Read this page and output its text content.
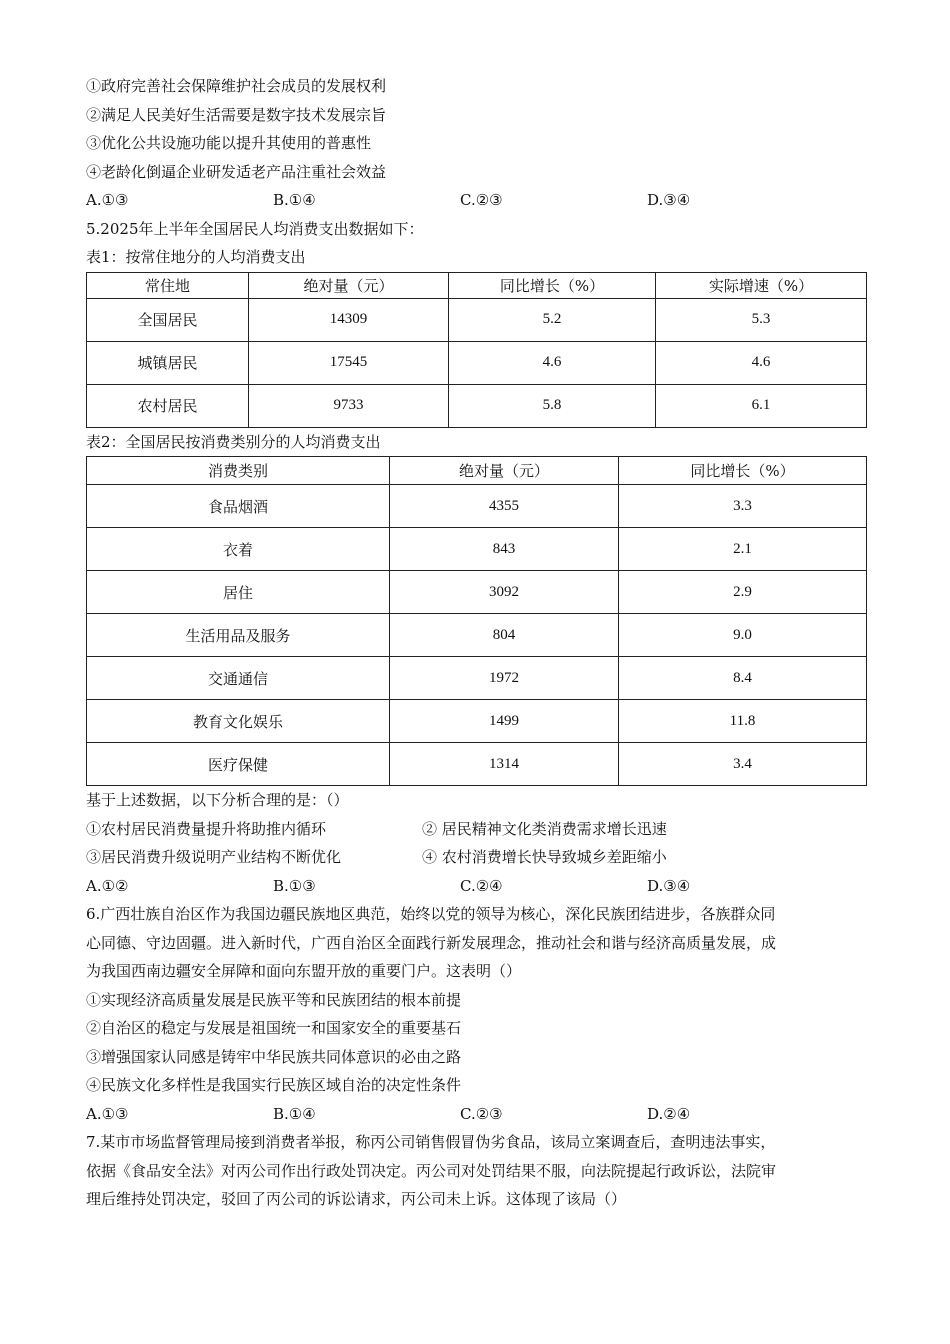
①政府完善社会保障维护社会成员的发展权利
②满足人民美好生活需要是数字技术发展宗旨
③优化公共设施功能以提升其使用的普惠性
④老龄化倒逼企业研发适老产品注重社会效益
A.①③	B.①④	C.②③	D.③④
5.2025年上半年全国居民人均消费支出数据如下：
表1：按常住地分的人均消费支出
常住地	绝对量（元）	同比增长（%）	实际增速（%）
全国居民	14309	5.2	5.3
城镇居民	17545	4.6	4.6
农村居民	9733	5.8	6.1
表2：全国居民按消费类别分的人均消费支出
消费类别	绝对量（元）	同比增长（%）
食品烟酒	4355	3.3
衣着	843	2.1
居住	3092	2.9
生活用品及服务	804	9.0
交通通信	1972	8.4
教育文化娱乐	1499	11.8
医疗保健	1314	3.4
基于上述数据，以下分析合理的是：（）
①农村居民消费量提升将助推内循环	② 居民精神文化类消费需求增长迅速
③居民消费升级说明产业结构不断优化	④ 农村消费增长快导致城乡差距缩小
A.①②	B.①③	C.②④	D.③④
6.广西壮族自治区作为我国边疆民族地区典范，始终以党的领导为核心，深化民族团结进步，各族群众同
心同德、守边固疆。进入新时代，广西自治区全面践行新发展理念，推动社会和谐与经济高质量发展，成
为我国西南边疆安全屏障和面向东盟开放的重要门户。这表明（）
①实现经济高质量发展是民族平等和民族团结的根本前提
②自治区的稳定与发展是祖国统一和国家安全的重要基石
③增强国家认同感是铸牢中华民族共同体意识的必由之路
④民族文化多样性是我国实行民族区域自治的决定性条件
A.①③	B.①④	C.②③	D.②④
7.某市市场监督管理局接到消费者举报，称丙公司销售假冒伪劣食品，该局立案调查后，查明违法事实，
依据《食品安全法》对丙公司作出行政处罚决定。丙公司对处罚结果不服，向法院提起行政诉讼，法院审
理后维持处罚决定，驳回了丙公司的诉讼请求，丙公司未上诉。这体现了该局（）
